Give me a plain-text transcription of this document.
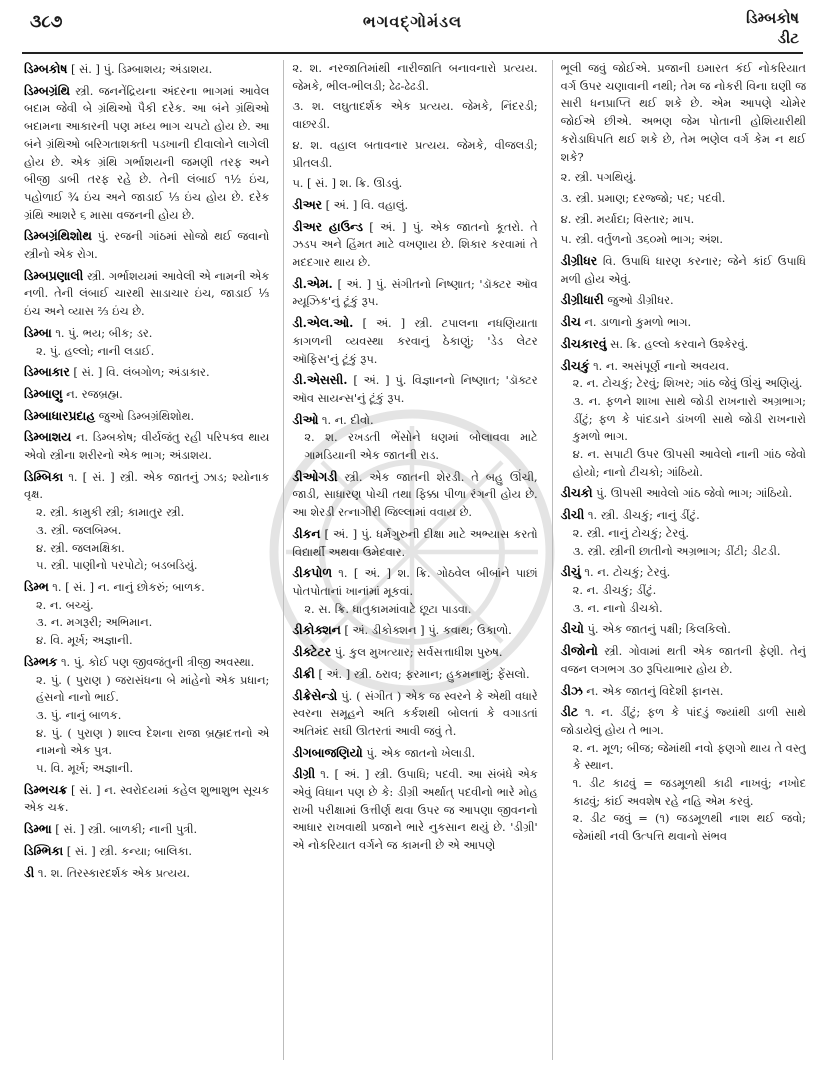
૩૮૭	ભગવદ્ગોમંડલ	ડિમ્બકોષ
ડીટ
ડિમ્બકોષ [ સં. ] પું. ડિમ્બાશય; અંડાશય.
ડિમ્બગ્રંથિ સ્ત્રી. જનનેંદ્રિયના અંદરના ભાગમાં આવેલ બદામ જેવી બે ગ્રંથિઓ પૈકી દરેક. આ બંને ગ્રંથિઓ બદામના આકારની પણ મધ્ય ભાગ ચપટો હોય છે. આ બંને ગ્રંથિઓ બરિગતાશક્તી પડખાની દીવાલોને લાગેલી હોય છે. એક ગ્રંથિ ગર્ભાશયની જમણી તરફ અને બીજી ડાબી તરફ રહે છે. તેની લંબાઈ ૧½ ઇંચ, પહોળાઈ ¾ ઇંચ અને જાડાઈ ⅓ ઇંચ હોય છે. દરેક ગ્રંથિ આશરે ૬ માસા વજનની હોય છે.
ડિમ્બગ્રંથિશોથ પું. રજની ગાંઠમાં સોજો થઈ જવાનો સ્ત્રીનો એક રોગ.
ડિમ્બપ્રણાલી સ્ત્રી. ગર્ભાશયમાં આવેલી એ નામની એક નળી. તેની લંબાઈ ચારથી સાડાચાર ઇંચ, જાડાઈ ⅓ ઇંચ અને વ્યાસ ⅔ ઇંચ છે.
ડિમ્બા ૧. પું. ભય; બીક; ડર.
૨. પું. હલ્લો; નાની લડાઈ.
ડિમ્બાકાર [ સં. ] વિ. લંબગોળ; અંડાકાર.
ડિમ્બાણુ ન. રજબ્રહ્મ.
ડિમ્બાધારપ્રદાહ જુઓ ડિમ્બગ્રંથિશોથ.
ડિમ્બાશય ન. ડિમ્બકોષ; વીર્યજંતુ રહી પરિપક્વ થાય એવો સ્ત્રીના શરીરનો એક ભાગ; અંડાશય.
ડિમ્બિકા ૧. [ સં. ] સ્ત્રી. એક જાતનું ઝાડ; શ્યોનાક વૃક્ષ.
૨. સ્ત્રી. કામુકી સ્ત્રી; કામાતુર સ્ત્રી.
૩. સ્ત્રી. જલબિમ્બ.
૪. સ્ત્રી. જલમક્ષિકા.
૫. સ્ત્રી. પાણીનો પરપોટો; બડબડિયું.
ડિમ્ભ ૧. [ સં. ] ન. નાનું છોકરું; બાળક.
૨. ન. બચ્ચું.
૩. ન. મગરૂરી; અભિમાન.
૪. વિ. મૂર્ખ; અજ્ઞાની.
ડિમ્ભક ૧. પું. કોઈ પણ જીવજંતુની ત્રીજી અવસ્થા.
૨. પું. ( પુરાણ ) જરાસંધના બે માંહેનો એક પ્રધાન; હંસનો નાનો ભાઈ.
૩. પું. નાનું બાળક.
૪. પું. ( પુરાણ ) શાલ્વ દેશના રાજા બ્રહ્મદત્તનો એ નામનો એક પુત્ર.
૫. વિ. મૂર્ખ; અજ્ઞાની.
ડિમ્ભચક્ર [ સં. ] ન. સ્વરોદયમાં કહેલ શુભાશુભ સૂચક એક ચક્ર.
ડિમ્ભા [ સં. ] સ્ત્રી. બાળકી; નાની પુત્રી.
ડિમ્ભિકા [ સં. ] સ્ત્રી. કન્યા; બાલિકા.
ડી ૧. શ. તિરસ્કારદર્શક એક પ્રત્યય.
૨. શ. નરજાતિમાંથી નારીજાતિ બનાવનારો પ્રત્યય. જેમકે, ભીલ-ભીલડી; ઢેઢ-ઢેઢડી.
૩. શ. લઘુતાદર્શક એક પ્રત્યય. જેમકે, નિંદરડી; વાછરડી.
૪. શ. વહાલ બતાવનાર પ્રત્યય. જેમકે, વીજલડી; પ્રીતલડી.
૫. [ સં. ] શ. ક્રિ. ઊડવું.
ડીઅર [ અં. ] વિ. વહાલું.
ડીઅર હાઉન્ડ [ અં. ] પું. એક જાતનો કૂતરો. તે ઝડપ અને હિંમત માટે વખણાય છે. શિકાર કરવામાં તે મદદગાર થાય છે.
ડી.એમ. [ અં. ] પું. સંગીતનો નિષ્ણાત; 'ડૉક્ટર ઑવ મ્યૂઝિક'નું ટૂંકું રૂપ.
ડી.એલ.ઓ. [ અં. ] સ્ત્રી. ટપાલના નધણિયાતા કાગળની વ્યવસ્થા કરવાનું ઠેકાણું; 'ડેડ લેટર ઑફિસ'નું ટૂંકું રૂપ.
ડી.એસસી. [ અં. ] પું. વિજ્ઞાનનો નિષ્ણાત; 'ડૉક્ટર ઑવ સાયન્સ'નું ટૂંકું રૂપ.
ડીઓ ૧. ન. દીવો.
૨. શ. રખડતી ભેંસોને ધણમાં બોલાવવા માટે ગામડિયાની એક જાતની રાડ.
ડીઓગડી સ્ત્રી. એક જાતની શેરડી. તે બહુ ઊંચી, જાડી, સાધારણ પોચી તથા ફિક્કા પીળા રંગની હોય છે. આ શેરડી રત્નાગીરી જિલ્લામાં વવાય છે.
ડીકન [ અં. ] પું. ધર્મગુરુની દીક્ષા માટે અભ્યાસ કરતો વિદ્યાર્થી અથવા ઉમેદવાર.
ડીકપોળ ૧. [ અં. ] શ. ક્રિ. ગોઠવેલ બીબાંને પાછાં પોતપોતાનાં ખાનાંમાં મૂકવાં.
૨. સ. ક્રિ. ધાતુકામમાંવાટે છૂટા પાડવા.
ડીકોક્શન [ અં. ડીકોક્શન ] પું. કવાથ; ઉકાળો.
ડીક્ટેટર પું. કુલ મુખત્યાર; સર્વસત્તાધીશ પુરુષ.
ડીક્રી [ અં. ] સ્ત્રી. ઠરાવ; ફરમાન; હુકમનામું; ફેંસલો.
ડીક્રેસેન્ડો પું. ( સંગીત ) એક જ સ્વરને કે એથી વધારે સ્વરના સમૂહને અતિ કર્કશથી બોલતાં કે વગાડતાં અતિમંદ સઘી ઊતરતાં આવી જવું તે.
ડીગબાજણિયો પું. એક જાતનો ખેલાડી.
ડીગ્રી ૧. [ અં. ] સ્ત્રી. ઉપાધિ; પદવી. આ સંબંધે એક એવું વિધાન પણ છે કે: ડીગ્રી અર્થાત્ પદવીનો ભારે મોહ રાખી પરીક્ષામાં ઉત્તીર્ણ થવા ઉપર જ આપણા જીવનનો આધાર રાખવાથી પ્રજાને ભારે નુકસાન થયું છે. 'ડીગ્રી' એ નોકરિયાત વર્ગને જ કામની છે એ આપણે
ભૂલી જવું જોઈએ. પ્રજાની ઇમારત કંઈ નોકરિયાત વર્ગ ઉપર ચણાવાની નથી; તેમ જ નોકરી વિના ઘણી જ સારી ધનપ્રાપ્તિ થઈ શકે છે. એમ આપણે ચોમેર જોઈએ છીએ. અભણ જેમ પોતાની હોશિયારીથી કરોડાધિપતિ થઈ શકે છે, તેમ ભણેલ વર્ગ કેમ ન થઈ શકે?
૨. સ્ત્રી. પગથિયું.
૩. સ્ત્રી. પ્રમાણ; દરજ્જો; પદ; પદવી.
૪. સ્ત્રી. મર્યાદા; વિસ્તાર; માપ.
૫. સ્ત્રી. વર્તુળનો ૩૬૦મો ભાગ; અંશ.
ડીગ્રીધર વિ. ઉપાધિ ધારણ કરનાર; જેને કાંઈ ઉપાધિ મળી હોય એવું.
ડીગ્રીધારી જુઓ ડીગ્રીધર.
ડીચ ન. ડાળાનો કુમળો ભાગ.
ડીચકારવું સ. ક્રિ. હલ્લો કરવાને ઉશ્કેરવું.
ડીચકું ૧. ન. અસંપૂર્ણ નાનો અવયવ.
૨. ન. ટોચકું; ટેરવું; શિખર; ગાંઠ જેવું ઊંચું અણિયું.
૩. ન. ફળને શાખા સાથે જોડી રાખનારો અગ્રભાગ; ડીંટું; ફળ કે પાંદડાને ડાંખળી સાથે જોડી રાખનારો કુમળો ભાગ.
૪. ન. સપાટી ઉપર ઊપસી આવેલો નાની ગાંઠ જેવો હોયો; નાનો ટીચકો; ગાંઠિયો.
ડીચકો પું. ઊપસી આવેલો ગાંઠ જેવો ભાગ; ગાંઠિયો.
ડીચી ૧. સ્ત્રી. ડીચકું; નાનું ડીંટું.
૨. સ્ત્રી. નાનું ટોચકું; ટેરવું.
૩. સ્ત્રી. સ્ત્રીની છાતીનો અગ્રભાગ; ડીંટી; ડીટડી.
ડીચું ૧. ન. ટોચકું; ટેરવું.
૨. ન. ડીચકું; ડીંટું.
૩. ન. નાનો ડીચકો.
ડીચો પું. એક જાતનું પક્ષી; કિલકિલો.
ડીજોનો સ્ત્રી. ગોવામાં થતી એક જાતની ફેણી. તેનું વજન લગભગ ૩૦ રૂપિયાભાર હોય છે.
ડીઝ ન. એક જાતનું વિદેશી ફાનસ.
ડીટ ૧. ન. ડીંટું; ફળ કે પાંદડું જ્યાંથી ડાળી સાથે જોડાયેલું હોય તે ભાગ.
૨. ન. મૂળ; બીજ; જેમાંથી નવો ફણગો થાય તે વસ્તુ કે સ્થાન.
૧. ડીટ કાઢવું = જડમૂળથી કાઢી નાખવું; નખોદ કાઢવું; કાંઈ અવશેષ રહે નહિ એમ કરવું.
૨. ડીટ જવું = (૧) જડમૂળથી નાશ થઈ જવો; જેમાંથી નવી ઉત્પત્તિ થવાનો સંભવ
